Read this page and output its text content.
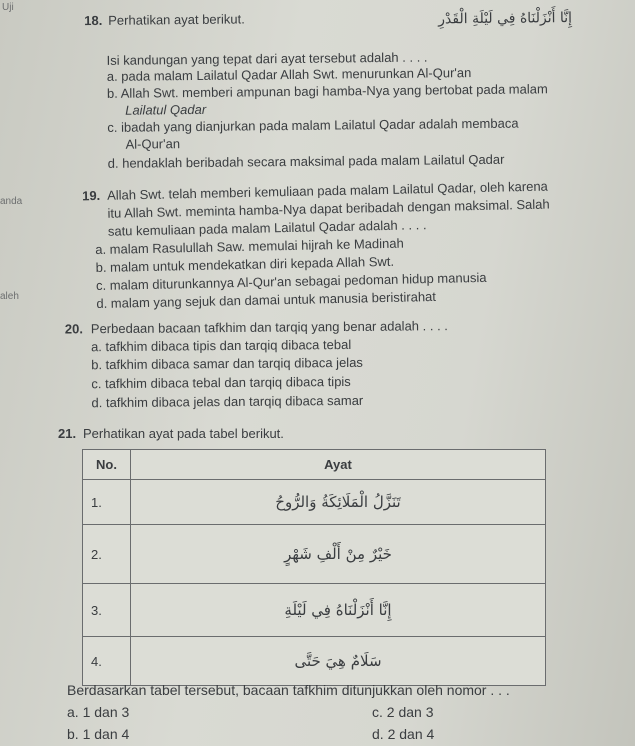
Uji
anda
aleh
18. Perhatikan ayat berikut.	إِنَّا أَنْزَلْنَاهُ فِي لَيْلَةِ الْقَدْرِ
Isi kandungan yang tepat dari ayat tersebut adalah . . . .
a. pada malam Lailatul Qadar Allah Swt. menurunkan Al-Qur'an
b. Allah Swt. memberi ampunan bagi hamba-Nya yang bertobat pada malam
Lailatul Qadar
c. ibadah yang dianjurkan pada malam Lailatul Qadar adalah membaca
Al-Qur'an
d. hendaklah beribadah secara maksimal pada malam Lailatul Qadar
19. Allah Swt. telah memberi kemuliaan pada malam Lailatul Qadar, oleh karena
itu Allah Swt. meminta hamba-Nya dapat beribadah dengan maksimal. Salah
satu kemuliaan pada malam Lailatul Qadar adalah . . . .
a. malam Rasulullah Saw. memulai hijrah ke Madinah
b. malam untuk mendekatkan diri kepada Allah Swt.
c. malam diturunkannya Al-Qur'an sebagai pedoman hidup manusia
d. malam yang sejuk dan damai untuk manusia beristirahat
20. Perbedaan bacaan tafkhim dan tarqiq yang benar adalah . . . .
a. tafkhim dibaca tipis dan tarqiq dibaca tebal
b. tafkhim dibaca samar dan tarqiq dibaca jelas
c. tafkhim dibaca tebal dan tarqiq dibaca tipis
d. tafkhim dibaca jelas dan tarqiq dibaca samar
21. Perhatikan ayat pada tabel berikut.
No.	Ayat
1.	تَنَزَّلُ الْمَلَائِكَةُ وَالرُّوحُ
2.	خَيْرٌ مِنْ أَلْفِ شَهْرٍ
3.	إِنَّا أَنْزَلْنَاهُ فِي لَيْلَةِ
4.	سَلَامٌ هِيَ حَتَّى
Berdasarkan tabel tersebut, bacaan tafkhim ditunjukkan oleh nomor . . .
a. 1 dan 3	c. 2 dan 3
b. 1 dan 4	d. 2 dan 4
